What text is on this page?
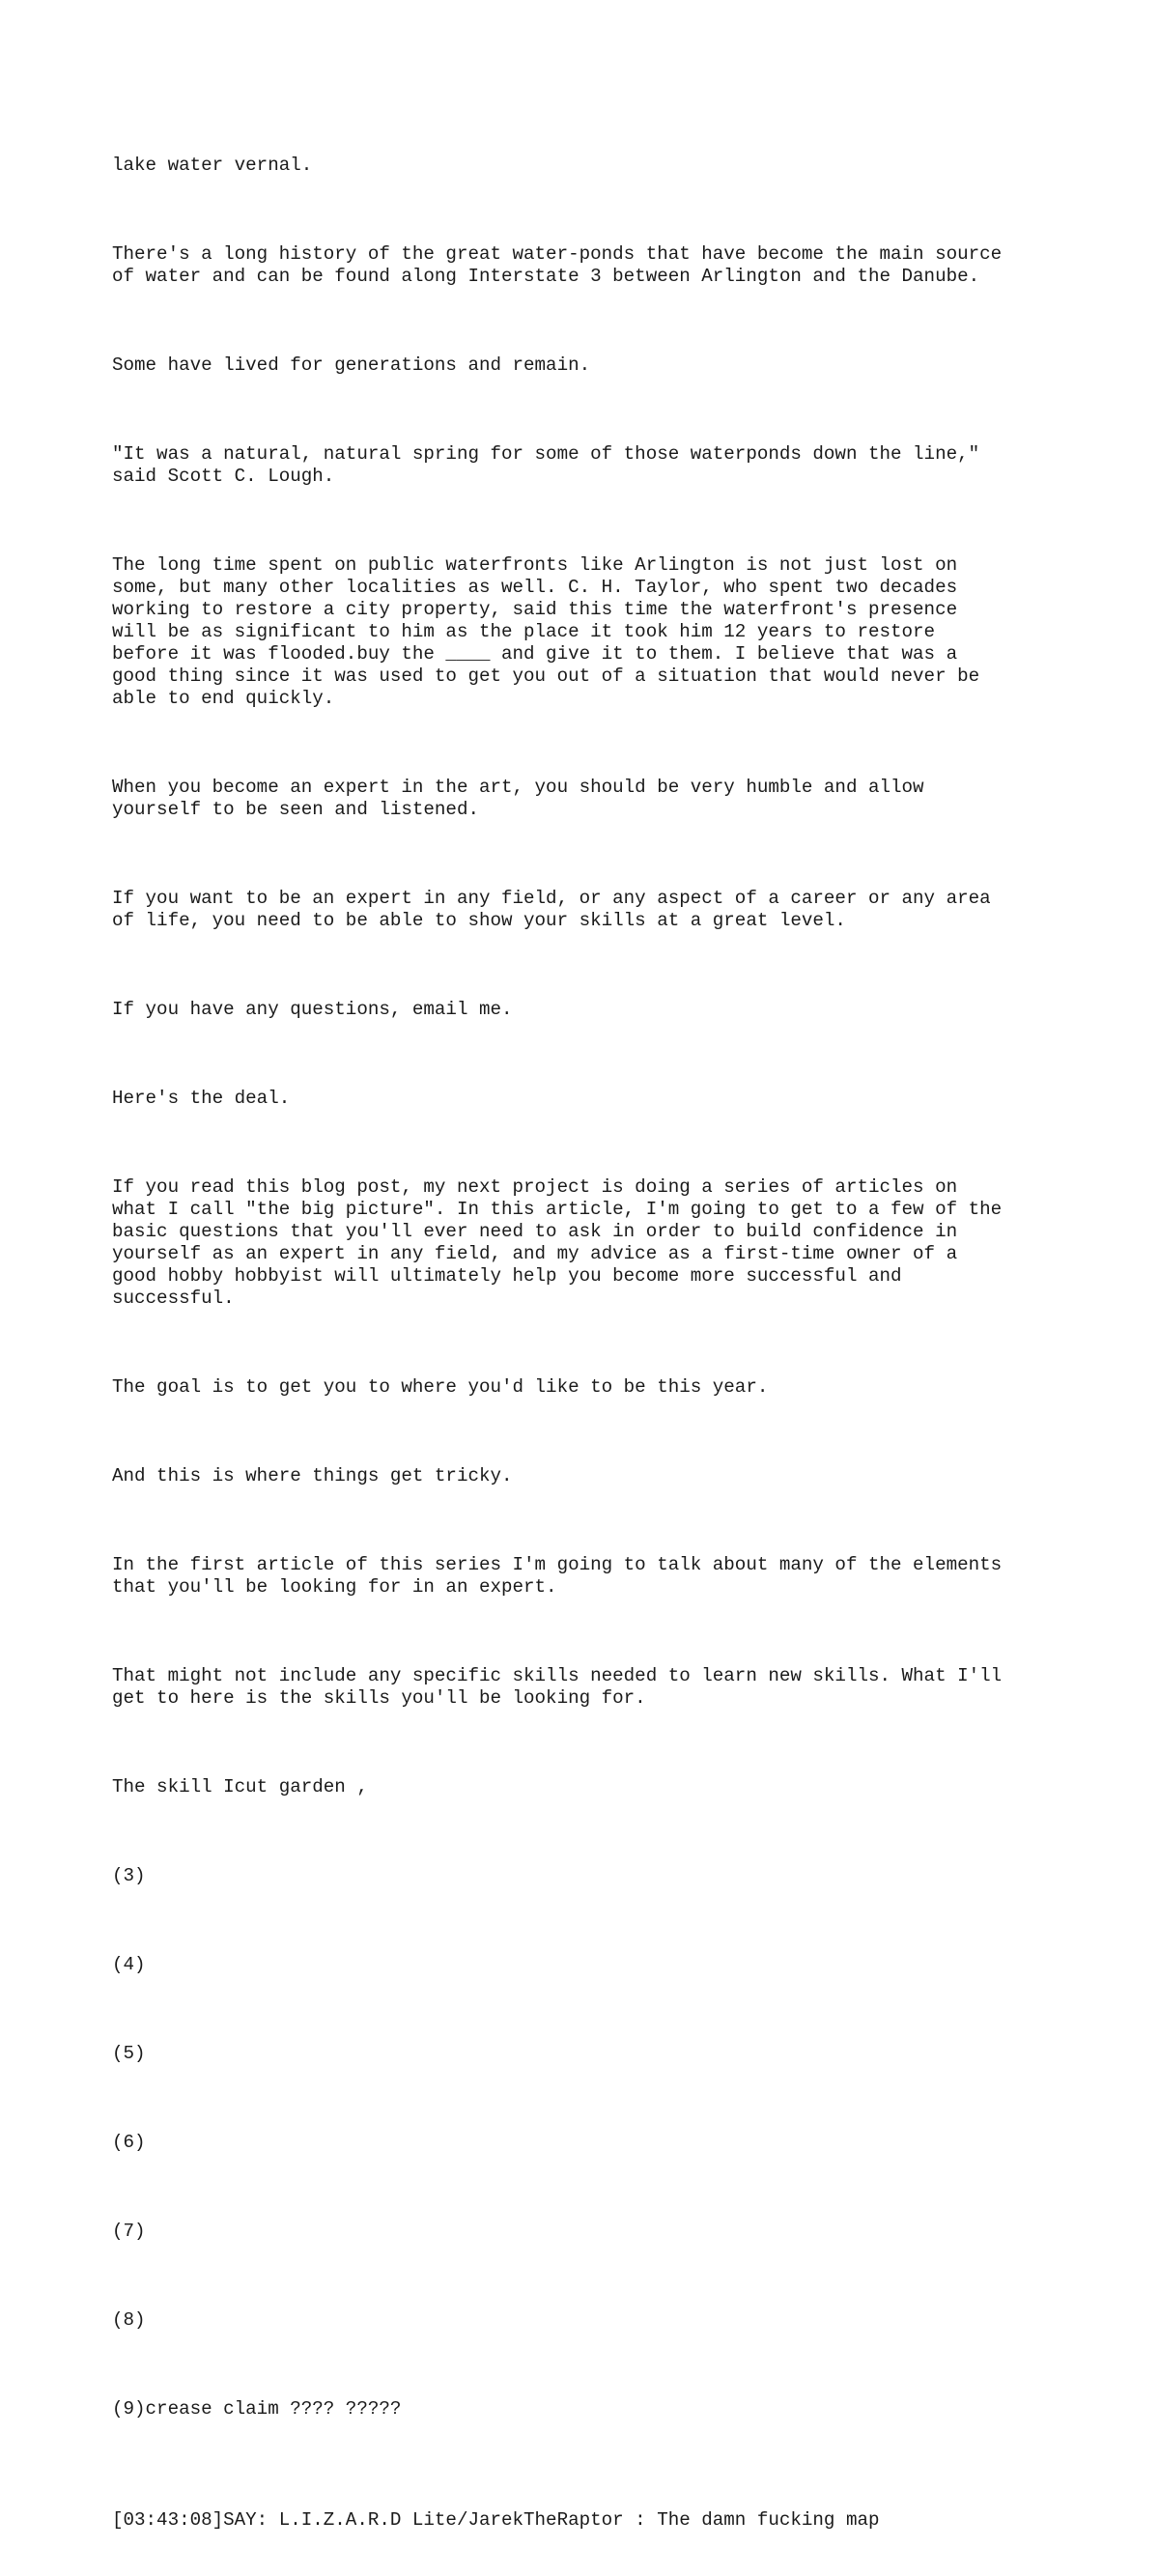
lake water vernal.

There's a long history of the great water-ponds that have become the main source
of water and can be found along Interstate 3 between Arlington and the Danube.

Some have lived for generations and remain.

"It was a natural, natural spring for some of those waterponds down the line,"
said Scott C. Lough.

The long time spent on public waterfronts like Arlington is not just lost on
some, but many other localities as well. C. H. Taylor, who spent two decades
working to restore a city property, said this time the waterfront's presence
will be as significant to him as the place it took him 12 years to restore
before it was flooded.buy the ____ and give it to them. I believe that was a
good thing since it was used to get you out of a situation that would never be
able to end quickly.

When you become an expert in the art, you should be very humble and allow
yourself to be seen and listened.

If you want to be an expert in any field, or any aspect of a career or any area
of life, you need to be able to show your skills at a great level.

If you have any questions, email me.

Here's the deal.

If you read this blog post, my next project is doing a series of articles on
what I call "the big picture". In this article, I'm going to get to a few of the
basic questions that you'll ever need to ask in order to build confidence in
yourself as an expert in any field, and my advice as a first-time owner of a
good hobby hobbyist will ultimately help you become more successful and
successful.

The goal is to get you to where you'd like to be this year.

And this is where things get tricky.

In the first article of this series I'm going to talk about many of the elements
that you'll be looking for in an expert.

That might not include any specific skills needed to learn new skills. What I'll
get to here is the skills you'll be looking for.

The skill Icut garden ,

(3)

(4)

(5)

(6)

(7)

(8)

(9)crease claim ???? ?????

[03:43:08]SAY: L.I.Z.A.R.D Lite/JarekTheRaptor : The damn fucking map
